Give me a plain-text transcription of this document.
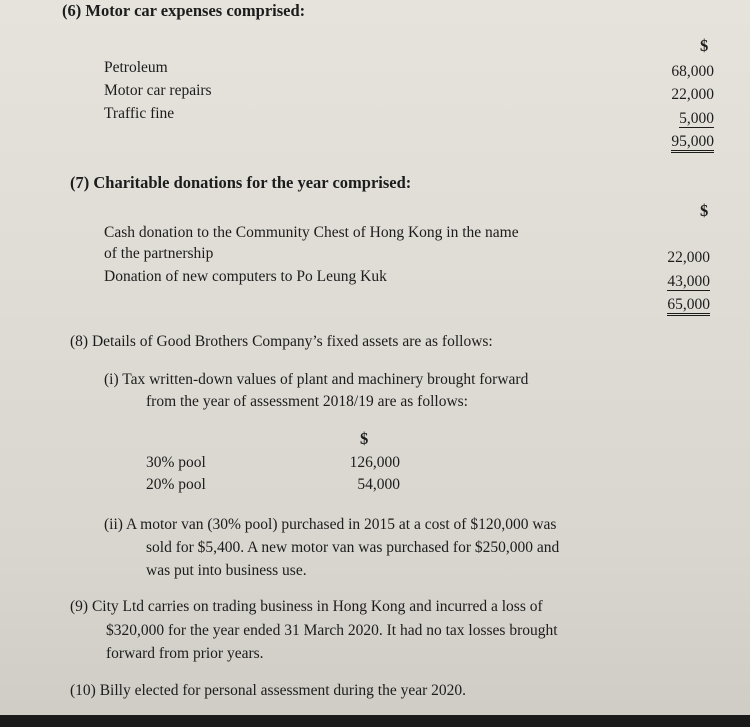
(6) Motor car expenses comprised:
$
Petroleum	68,000
Motor car repairs	22,000
Traffic fine	5,000
95,000
(7) Charitable donations for the year comprised:
$
Cash donation to the Community Chest of Hong Kong in the name
of the partnership	22,000
Donation of new computers to Po Leung Kuk	43,000
65,000
(8) Details of Good Brothers Company’s fixed assets are as follows:
(i) Tax written-down values of plant and machinery brought forward
from the year of assessment 2018/19 are as follows:
$
30% pool	126,000
20% pool	54,000
(ii) A motor van (30% pool) purchased in 2015 at a cost of $120,000 was
sold for $5,400. A new motor van was purchased for $250,000 and
was put into business use.
(9) City Ltd carries on trading business in Hong Kong and incurred a loss of
$320,000 for the year ended 31 March 2020. It had no tax losses brought
forward from prior years.
(10) Billy elected for personal assessment during the year 2020.
